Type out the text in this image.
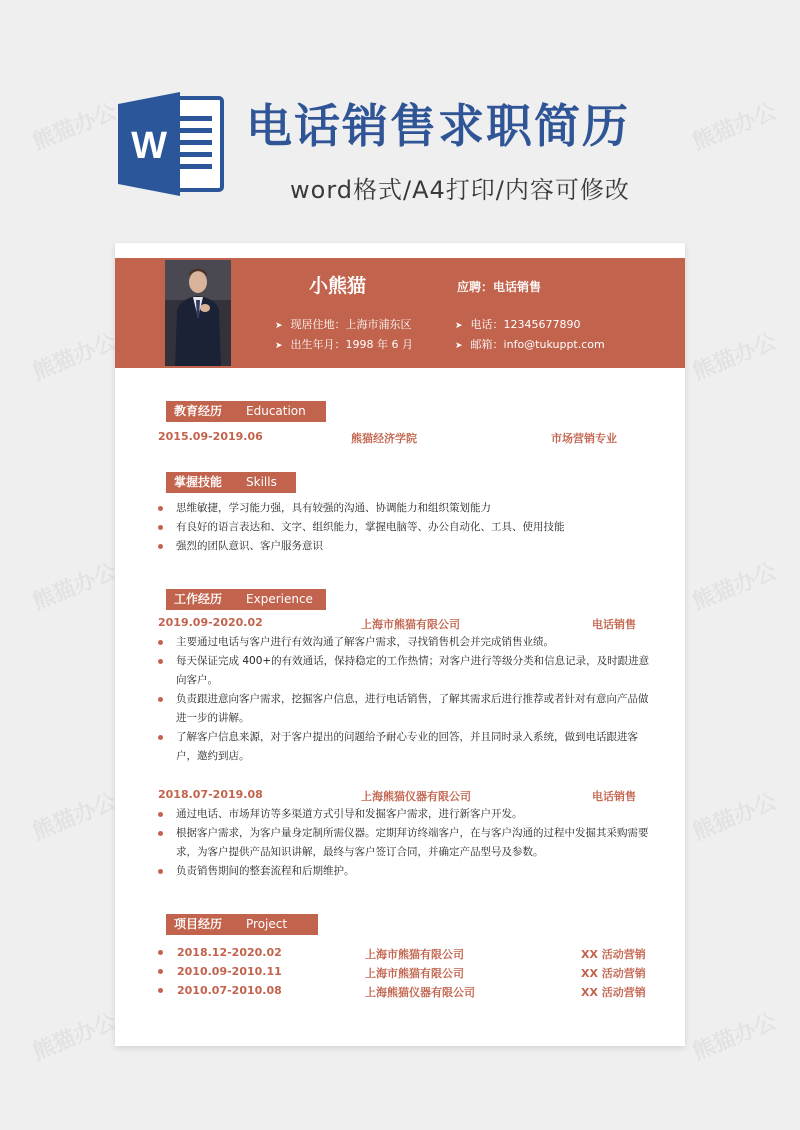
熊猫办公	熊猫办公
熊猫办公	熊猫办公
熊猫办公	熊猫办公
熊猫办公	熊猫办公
熊猫办公	熊猫办公
W 电话销售求职简历
word格式/A4打印/内容可修改
小熊猫	应聘：电话销售
➤ 现居住地：上海市浦东区
➤ 出生年月：1998 年 6 月
➤ 电话：12345677890
➤ 邮箱：info@tukuppt.com
教育经历 Education
2015.09-2019.06	熊猫经济学院	市场营销专业
掌握技能 Skills
思维敏捷，学习能力强，具有较强的沟通、协调能力和组织策划能力
有良好的语言表达和、文字、组织能力，掌握电脑等、办公自动化、工具、使用技能
强烈的团队意识、客户服务意识
工作经历 Experience
2019.09-2020.02	上海市熊猫有限公司	电话销售
主要通过电话与客户进行有效沟通了解客户需求，寻找销售机会并完成销售业绩。
每天保证完成 400+的有效通话，保持稳定的工作热情；对客户进行等级分类和信息记录，及时跟进意向客户。
负责跟进意向客户需求，挖掘客户信息，进行电话销售，了解其需求后进行推荐或者针对有意向产品做进一步的讲解。
了解客户信息来源，对于客户提出的问题给予耐心专业的回答，并且同时录入系统，做到电话跟进客户，邀约到店。
2018.07-2019.08	上海熊猫仪器有限公司	电话销售
通过电话、市场拜访等多渠道方式引导和发掘客户需求，进行新客户开发。
根据客户需求，为客户量身定制所需仪器。定期拜访终端客户，在与客户沟通的过程中发掘其采购需要求，为客户提供产品知识讲解，最终与客户签订合同，并确定产品型号及参数。
负责销售期间的整套流程和后期维护。
项目经历 Project
2018.12-2020.02	上海市熊猫有限公司	XX 活动营销
2010.09-2010.11	上海市熊猫有限公司	XX 活动营销
2010.07-2010.08	上海熊猫仪器有限公司	XX 活动营销
